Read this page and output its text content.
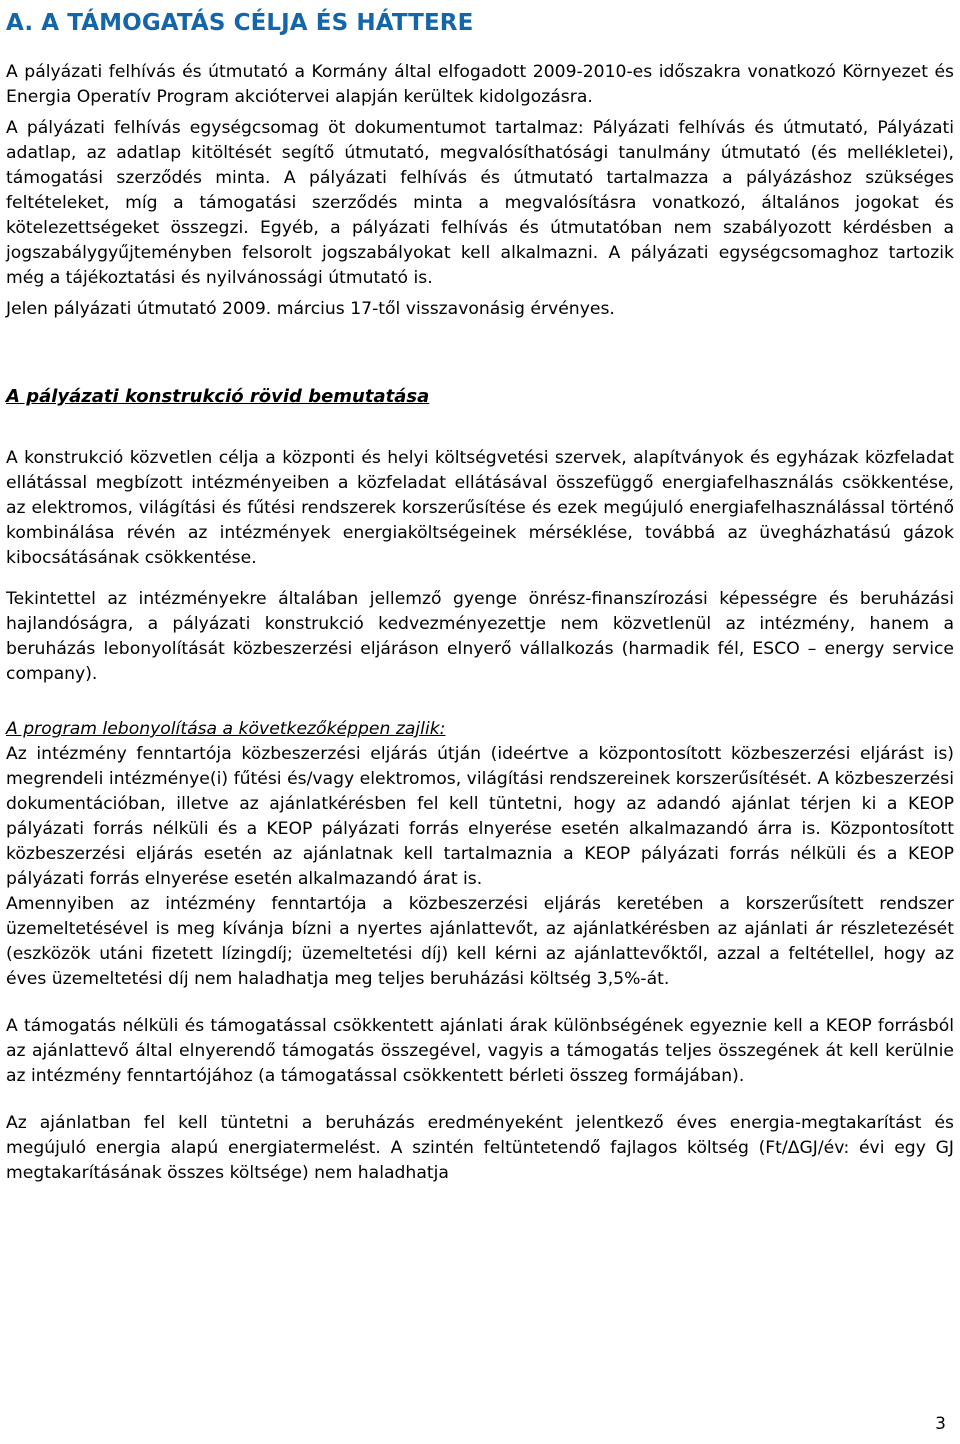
A. A TÁMOGATÁS CÉLJA ÉS HÁTTERE

A pályázati felhívás és útmutató a Kormány által elfogadott 2009-2010-es időszakra vonatkozó Környezet és Energia Operatív Program akciótervei alapján kerültek kidolgozásra.

A pályázati felhívás egységcsomag öt dokumentumot tartalmaz: Pályázati felhívás és útmutató, Pályázati adatlap, az adatlap kitöltését segítő útmutató, megvalósíthatósági tanulmány útmutató (és mellékletei), támogatási szerződés minta. A pályázati felhívás és útmutató tartalmazza a pályázáshoz szükséges feltételeket, míg a támogatási szerződés minta a megvalósításra vonatkozó, általános jogokat és kötelezettségeket összegzi. Egyéb, a pályázati felhívás és útmutatóban nem szabályozott kérdésben a jogszabálygyűjteményben felsorolt jogszabályokat kell alkalmazni. A pályázati egységcsomaghoz tartozik még a tájékoztatási és nyilvánossági útmutató is.

Jelen pályázati útmutató 2009. március 17-től visszavonásig érvényes.

A pályázati konstrukció rövid bemutatása

A konstrukció közvetlen célja a központi és helyi költségvetési szervek, alapítványok és egyházak közfeladat ellátással megbízott intézményeiben a közfeladat ellátásával összefüggő energiafelhasználás csökkentése, az elektromos, világítási és fűtési rendszerek korszerűsítése és ezek megújuló energiafelhasználással történő kombinálása révén az intézmények energiaköltségeinek mérséklése, továbbá az üvegházhatású gázok kibocsátásának csökkentése.

Tekintettel az intézményekre általában jellemző gyenge önrész-finanszírozási képességre és beruházási hajlandóságra, a pályázati konstrukció kedvezményezettje nem közvetlenül az intézmény, hanem a beruházás lebonyolítását közbeszerzési eljáráson elnyerő vállalkozás (harmadik fél, ESCO – energy service company).

A program lebonyolítása a következőképpen zajlik:

Az intézmény fenntartója közbeszerzési eljárás útján (ideértve a központosított közbeszerzési eljárást is) megrendeli intézménye(i) fűtési és/vagy elektromos, világítási rendszereinek korszerűsítését. A közbeszerzési dokumentációban, illetve az ajánlatkérésben fel kell tüntetni, hogy az adandó ajánlat térjen ki a KEOP pályázati forrás nélküli és a KEOP pályázati forrás elnyerése esetén alkalmazandó árra is. Központosított közbeszerzési eljárás esetén az ajánlatnak kell tartalmaznia a KEOP pályázati forrás nélküli és a KEOP pályázati forrás elnyerése esetén alkalmazandó árat is.

Amennyiben az intézmény fenntartója a közbeszerzési eljárás keretében a korszerűsített rendszer üzemeltetésével is meg kívánja bízni a nyertes ajánlattevőt, az ajánlatkérésben az ajánlati ár részletezését (eszközök utáni fizetett lízingdíj; üzemeltetési díj) kell kérni az ajánlattevőktől, azzal a feltétellel, hogy az éves üzemeltetési díj nem haladhatja meg teljes beruházási költség 3,5%-át.

A támogatás nélküli és támogatással csökkentett ajánlati árak különbségének egyeznie kell a KEOP forrásból az ajánlattevő által elnyerendő támogatás összegével, vagyis a támogatás teljes összegének át kell kerülnie az intézmény fenntartójához (a támogatással csökkentett bérleti összeg formájában).

Az ajánlatban fel kell tüntetni a beruházás eredményeként jelentkező éves energia-megtakarítást és megújuló energia alapú energiatermelést. A szintén feltüntetendő fajlagos költség (Ft/ΔGJ/év: évi egy GJ megtakarításának összes költsége) nem haladhatja

3
